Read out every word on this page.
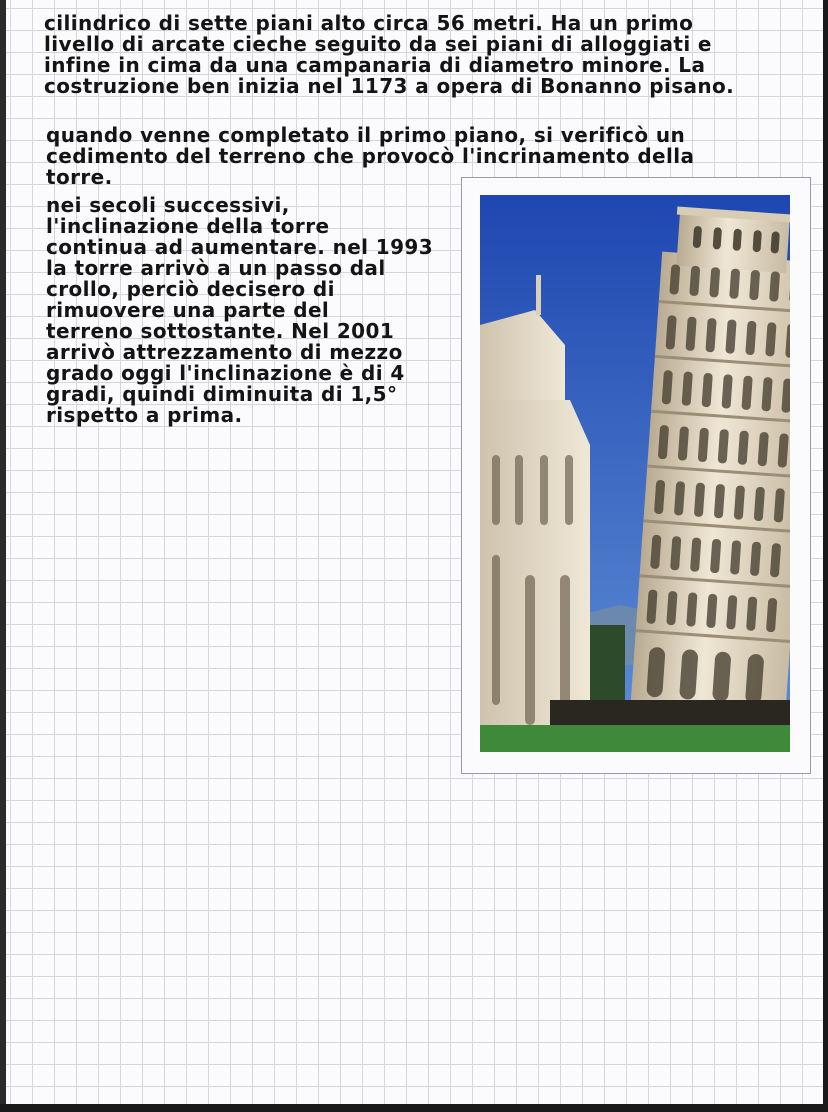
cilindrico di sette piani alto circa 56 metri. Ha un primo
livello di arcate cieche seguito da sei piani di alloggiati e
infine in cima da una campanaria di diametro minore. La
costruzione ben inizia nel 1173 a opera di Bonanno pisano.
quando venne completato il primo piano, si verificò un
cedimento del terreno che provocò l'incrinamento della
torre.
nei secoli successivi,
l'inclinazione della torre
continua ad aumentare. nel 1993
la torre arrivò a un passo dal
crollo, perciò decisero di
rimuovere una parte del
terreno sottostante. Nel 2001
arrivò attrezzamento di mezzo
grado oggi l'inclinazione è di 4
gradi, quindi diminuita di 1,5°
rispetto a prima.
